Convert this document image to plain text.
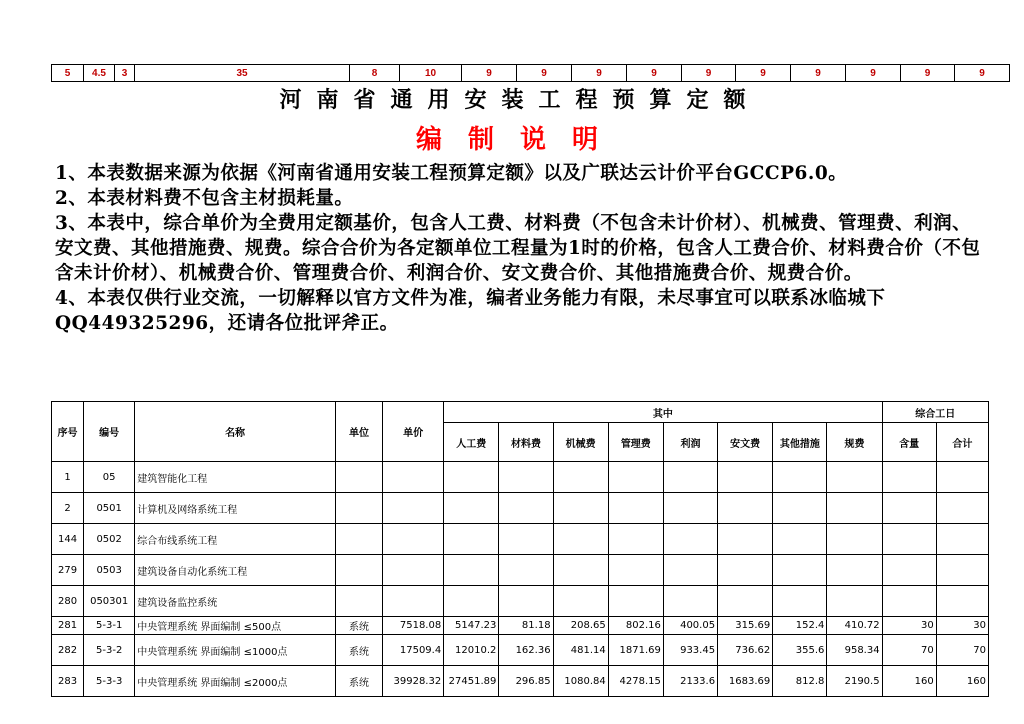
5	4.5	3	35	8	10	9	9	9	9	9	9	9	9	9	9
河南省通用安装工程预算定额
编制说明

1、本表数据来源为依据《河南省通用安装工程预算定额》以及广联达云计价平台GCCP6.0。

2、本表材料费不包含主材损耗量。

3、本表中，综合单价为全费用定额基价，包含人工费、材料费（不包含未计价材）、机械费、管理费、利润、安文费、其他措施费、规费。综合合价为各定额单位工程量为1时的价格，包含人工费合价、材料费合价（不包含未计价材）、机械费合价、管理费合价、利润合价、安文费合价、其他措施费合价、规费合价。

4、本表仅供行业交流，一切解释以官方文件为准，编者业务能力有限，未尽事宜可以联系冰临城下QQ449325296，还请各位批评斧正。

序号	编号	名称	单位	单价	其中								综合工日	
					人工费	材料费	机械费	管理费	利润	安文费	其他措施	规费	含量	合计
1	05	建筑智能化工程												
2	0501	计算机及网络系统工程												
144	0502	综合布线系统工程												
279	0503	建筑设备自动化系统工程												
280	050301	建筑设备监控系统												
281	5-3-1	中央管理系统 界面编制 ≤500点	系统	7518.08	5147.23	81.18	208.65	802.16	400.05	315.69	152.4	410.72	30	30
282	5-3-2	中央管理系统 界面编制 ≤1000点	系统	17509.4	12010.2	162.36	481.14	1871.69	933.45	736.62	355.6	958.34	70	70
283	5-3-3	中央管理系统 界面编制 ≤2000点	系统	39928.32	27451.89	296.85	1080.84	4278.15	2133.6	1683.69	812.8	2190.5	160	160
